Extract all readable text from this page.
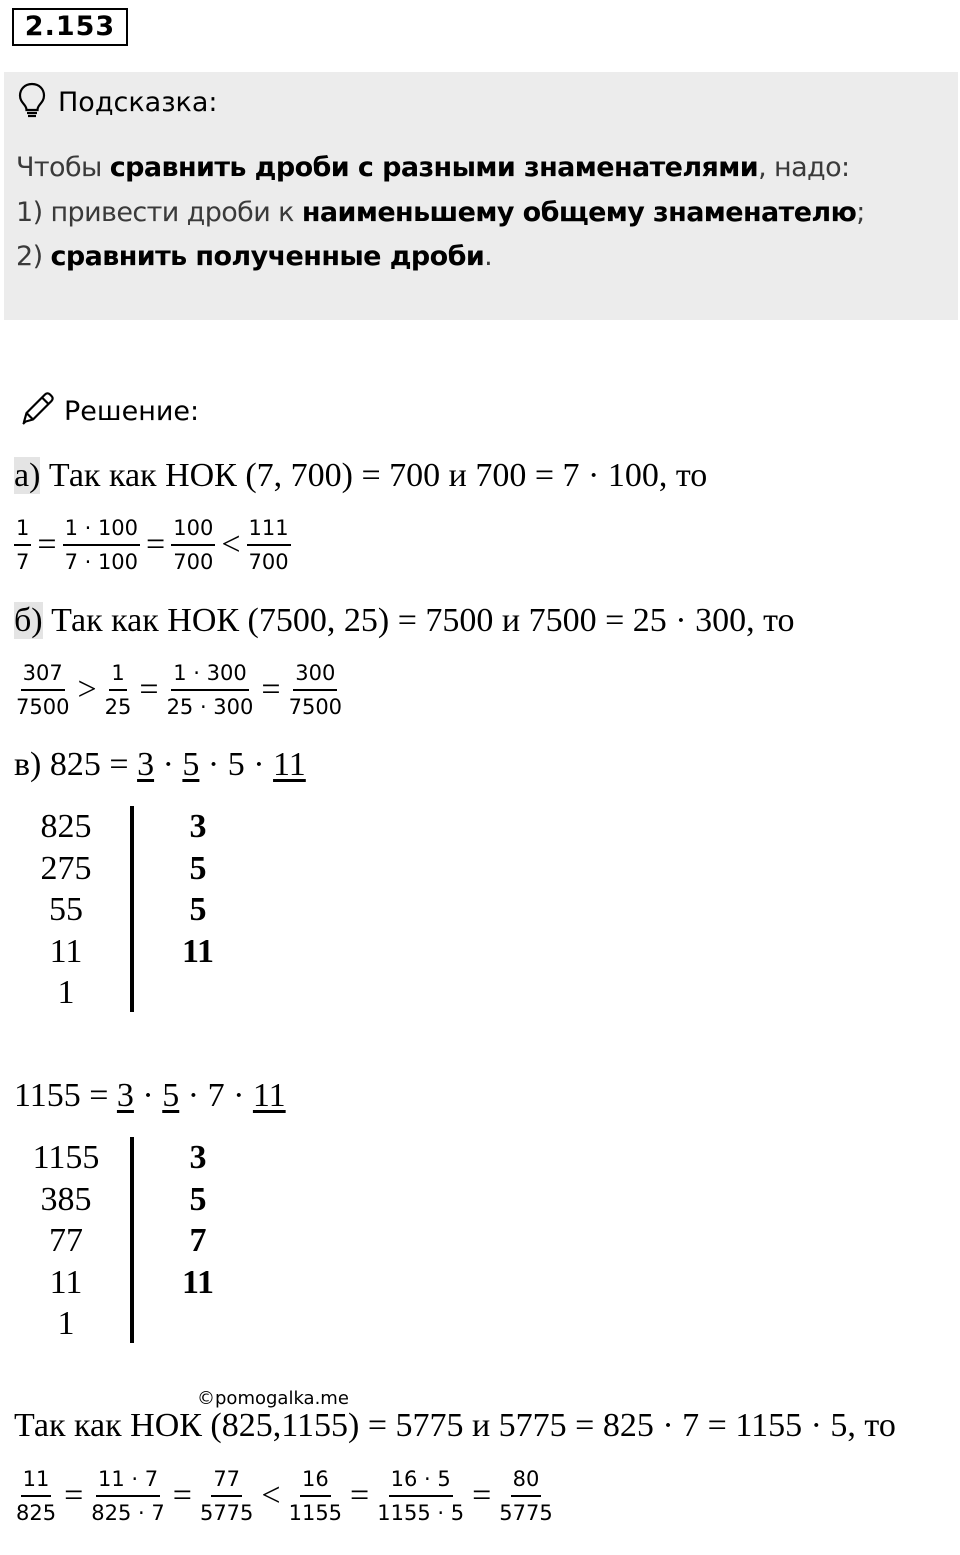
2.153
Подсказка:
Чтобы сравнить дроби с разными знаменателями, надо:
1) привести дроби к наименьшему общему знаменателю;
2) сравнить полученные дроби.
Решение:
а) Так как НОК (7, 700) = 700 и 700 = 7 · 100, то
$\frac{1}{7} = \frac{1 \cdot 100}{7 \cdot 100} = \frac{100}{700} < \frac{111}{700}$
б) Так как НОК (7500, 25) = 7500 и 7500 = 25 · 300, то
$\frac{307}{7500} > \frac{1}{25} = \frac{1 \cdot 300}{25 \cdot 300} = \frac{300}{7500}$
в) 825 = 3 · 5 · 5 · 11
825
275
55
11
1
3
5
5
11
1155 = 3 · 5 · 7 · 11
1155
385
77
11
1
3
5
7
11
©pomogalka.me
Так как НОК (825,1155) = 5775 и 5775 = 825 · 7 = 1155 · 5, то
$\frac{11}{825} = \frac{11 \cdot 7}{825 \cdot 7} = \frac{77}{5775} < \frac{16}{1155} = \frac{16 \cdot 5}{1155 \cdot 5} = \frac{80}{5775}$
